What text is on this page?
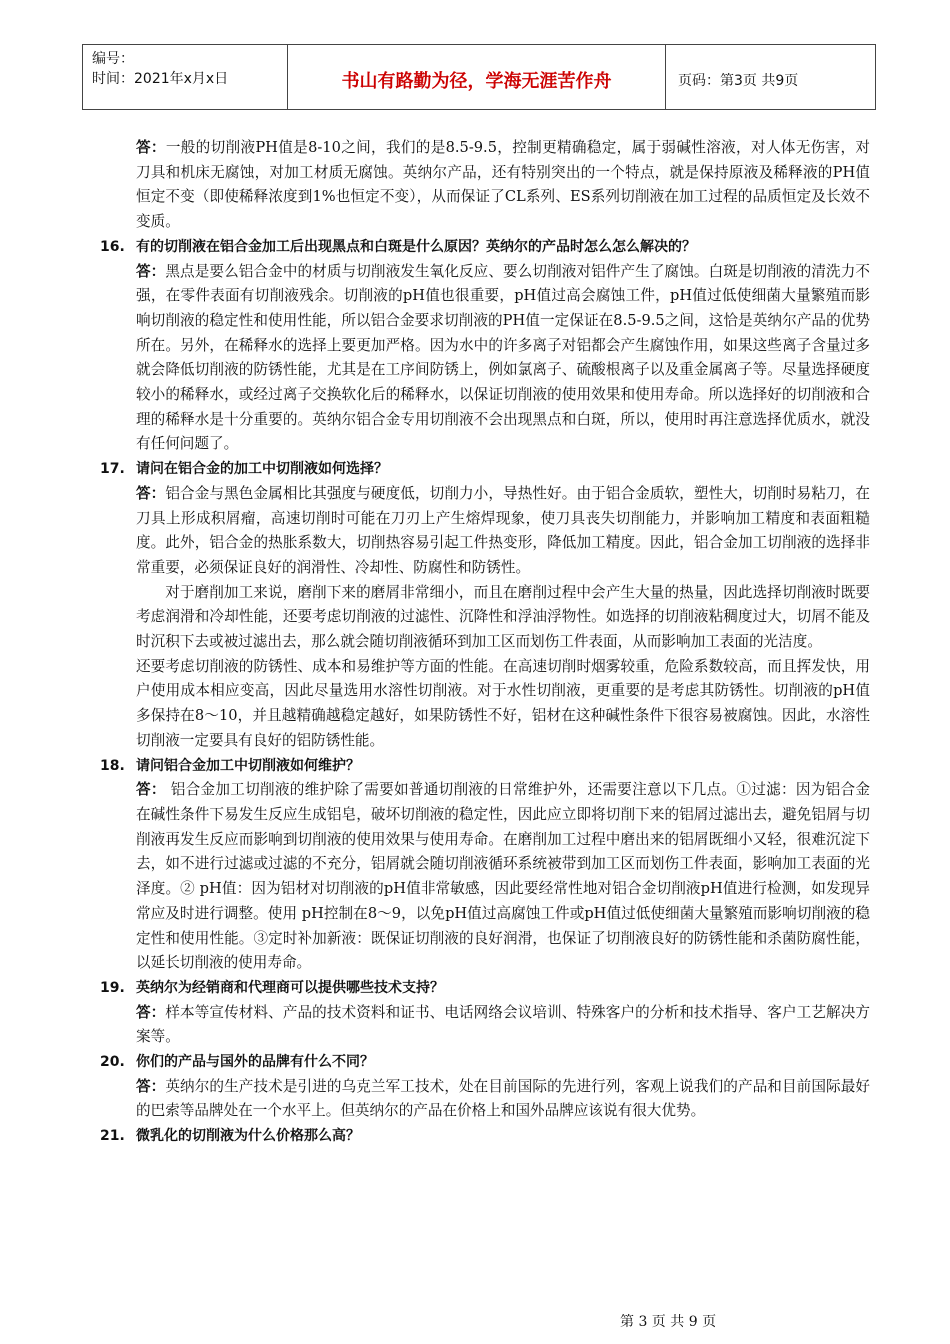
编号：
时间：2021年x月x日	书山有路勤为径，学海无涯苦作舟	页码：第3页 共9页

答：一般的切削液PH值是8-10之间，我们的是8.5-9.5，控制更精确稳定，属于弱碱性溶液，对人体无伤害，对刀具和机床无腐蚀，对加工材质无腐蚀。英纳尔产品，还有特别突出的一个特点，就是保持原液及稀释液的PH值恒定不变（即使稀释浓度到1%也恒定不变），从而保证了CL系列、ES系列切削液在加工过程的品质恒定及长效不变质。

16. 有的切削液在铝合金加工后出现黑点和白斑是什么原因？英纳尔的产品时怎么怎么解决的？

答：黑点是要么铝合金中的材质与切削液发生氧化反应、要么切削液对铝件产生了腐蚀。白斑是切削液的清洗力不强，在零件表面有切削液残余。切削液的pH值也很重要，pH值过高会腐蚀工件，pH值过低使细菌大量繁殖而影响切削液的稳定性和使用性能，所以铝合金要求切削液的PH值一定保证在8.5-9.5之间，这恰是英纳尔产品的优势所在。另外，在稀释水的选择上要更加严格。因为水中的许多离子对铝都会产生腐蚀作用，如果这些离子含量过多就会降低切削液的防锈性能，尤其是在工序间防锈上，例如氯离子、硫酸根离子以及重金属离子等。尽量选择硬度较小的稀释水，或经过离子交换软化后的稀释水，以保证切削液的使用效果和使用寿命。所以选择好的切削液和合理的稀释水是十分重要的。英纳尔铝合金专用切削液不会出现黑点和白斑，所以，使用时再注意选择优质水，就没有任何问题了。

17. 请问在铝合金的加工中切削液如何选择？

答：铝合金与黑色金属相比其强度与硬度低，切削力小，导热性好。由于铝合金质软，塑性大，切削时易粘刀，在刀具上形成积屑瘤，高速切削时可能在刀刃上产生熔焊现象，使刀具丧失切削能力，并影响加工精度和表面粗糙度。此外，铝合金的热胀系数大，切削热容易引起工件热变形，降低加工精度。因此，铝合金加工切削液的选择非常重要，必须保证良好的润滑性、冷却性、防腐性和防锈性。

对于磨削加工来说，磨削下来的磨屑非常细小，而且在磨削过程中会产生大量的热量，因此选择切削液时既要考虑润滑和冷却性能，还要考虑切削液的过滤性、沉降性和浮油浮物性。如选择的切削液粘稠度过大，切屑不能及时沉积下去或被过滤出去，那么就会随切削液循环到加工区而划伤工件表面，从而影响加工表面的光洁度。

还要考虑切削液的防锈性、成本和易维护等方面的性能。在高速切削时烟雾较重，危险系数较高，而且挥发快，用户使用成本相应变高，因此尽量选用水溶性切削液。对于水性切削液，更重要的是考虑其防锈性。切削液的pH值多保持在8～10，并且越精确越稳定越好，如果防锈性不好，铝材在这种碱性条件下很容易被腐蚀。因此，水溶性切削液一定要具有良好的铝防锈性能。

18. 请问铝合金加工中切削液如何维护？

答： 铝合金加工切削液的维护除了需要如普通切削液的日常维护外，还需要注意以下几点。①过滤：因为铝合金在碱性条件下易发生反应生成铝皂，破坏切削液的稳定性，因此应立即将切削下来的铝屑过滤出去，避免铝屑与切削液再发生反应而影响到切削液的使用效果与使用寿命。在磨削加工过程中磨出来的铝屑既细小又轻，很难沉淀下去，如不进行过滤或过滤的不充分，铝屑就会随切削液循环系统被带到加工区而划伤工件表面，影响加工表面的光泽度。② pH值：因为铝材对切削液的pH值非常敏感，因此要经常性地对铝合金切削液pH值进行检测，如发现异常应及时进行调整。使用 pH控制在8～9，以免pH值过高腐蚀工件或pH值过低使细菌大量繁殖而影响切削液的稳定性和使用性能。③定时补加新液：既保证切削液的良好润滑，也保证了切削液良好的防锈性能和杀菌防腐性能，以延长切削液的使用寿命。

19. 英纳尔为经销商和代理商可以提供哪些技术支持？

答：样本等宣传材料、产品的技术资料和证书、电话网络会议培训、特殊客户的分析和技术指导、客户工艺解决方案等。

20. 你们的产品与国外的品牌有什么不同？

答：英纳尔的生产技术是引进的乌克兰军工技术，处在目前国际的先进行列，客观上说我们的产品和目前国际最好的巴索等品牌处在一个水平上。但英纳尔的产品在价格上和国外品牌应该说有很大优势。

21. 微乳化的切削液为什么价格那么高？
第 3 页 共 9 页
